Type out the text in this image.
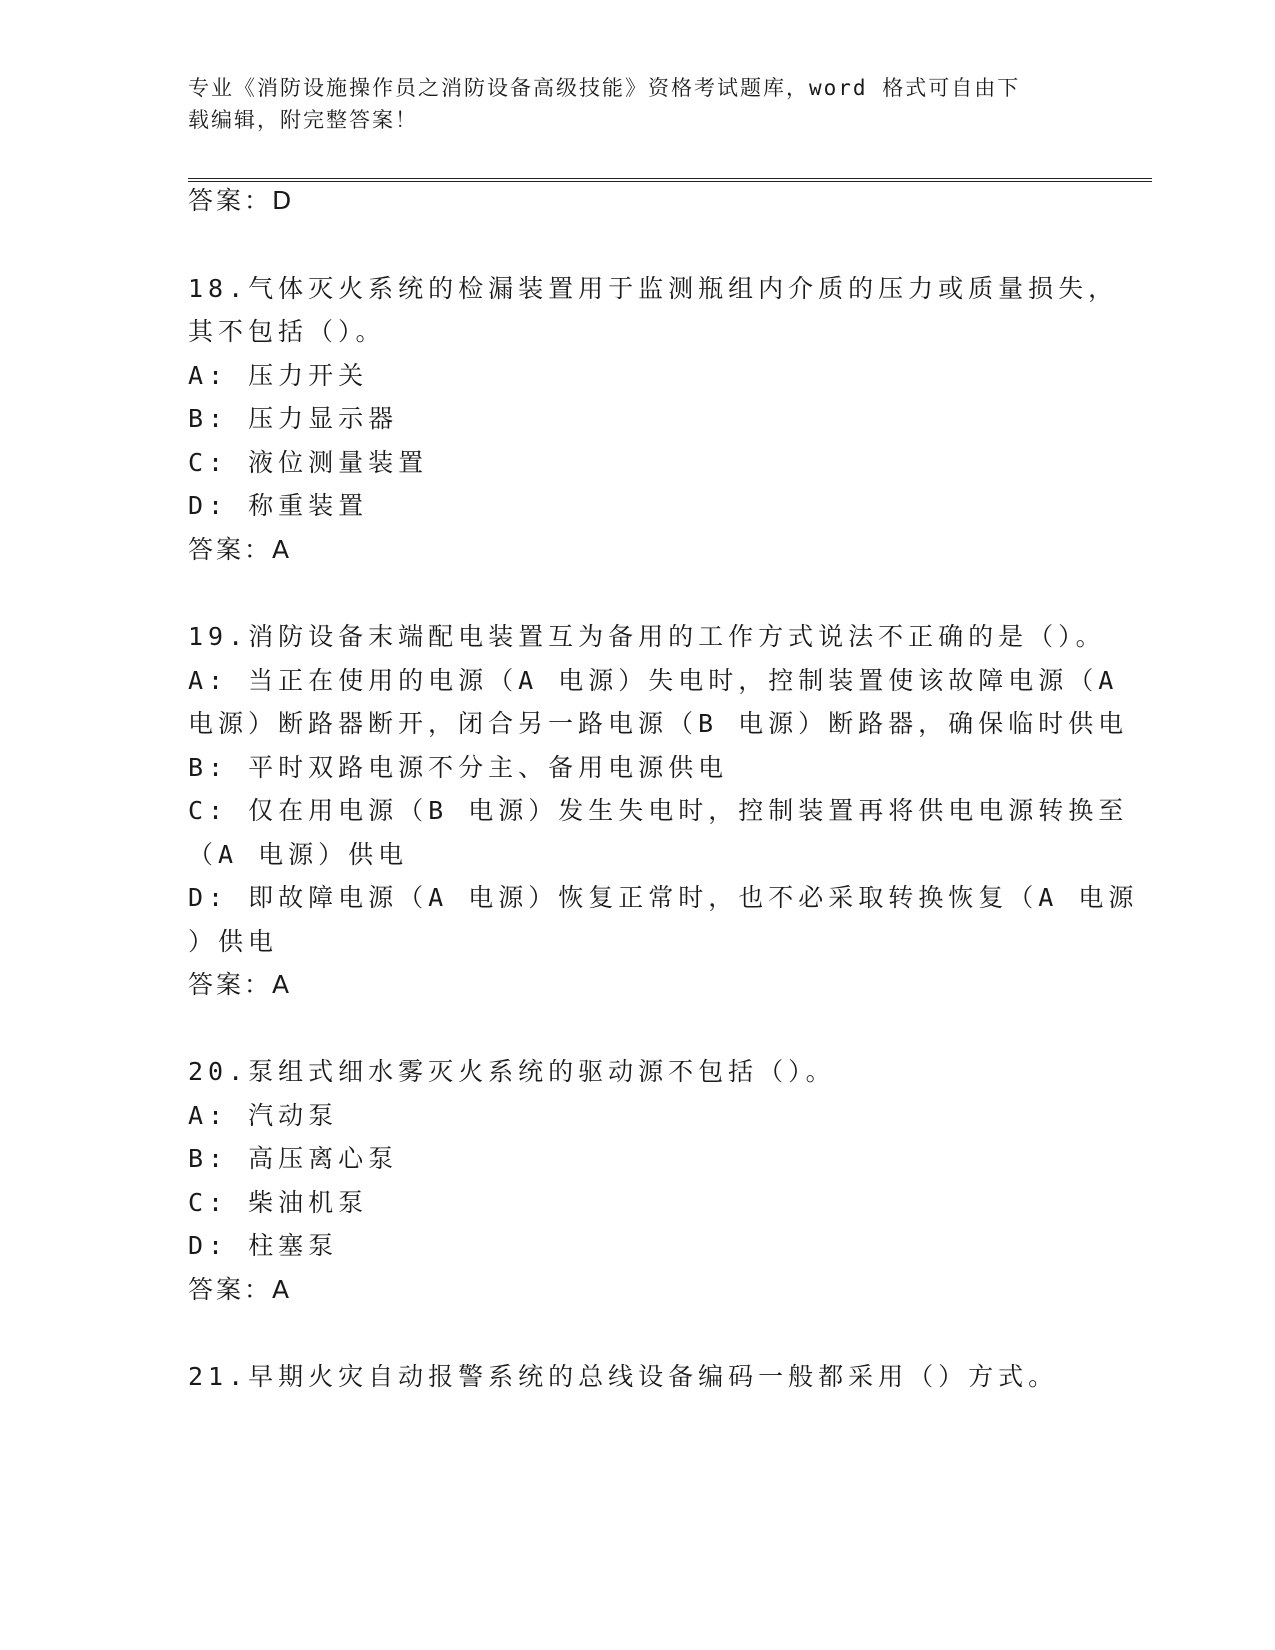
专业《消防设施操作员之消防设备高级技能》资格考试题库，word 格式可自由下
载编辑，附完整答案！
答案：D
18.气体灭火系统的检漏装置用于监测瓶组内介质的压力或质量损失，
其不包括（）。
A: 压力开关
B: 压力显示器
C: 液位测量装置
D: 称重装置
答案：A
19.消防设备末端配电装置互为备用的工作方式说法不正确的是（）。
A: 当正在使用的电源（A 电源）失电时，控制装置使该故障电源（A
电源）断路器断开，闭合另一路电源（B 电源）断路器，确保临时供电
B: 平时双路电源不分主、备用电源供电
C: 仅在用电源（B 电源）发生失电时，控制装置再将供电电源转换至
（A 电源）供电
D: 即故障电源（A 电源）恢复正常时，也不必采取转换恢复（A 电源
）供电
答案：A
20.泵组式细水雾灭火系统的驱动源不包括（）。
A: 汽动泵
B: 高压离心泵
C: 柴油机泵
D: 柱塞泵
答案：A
21.早期火灾自动报警系统的总线设备编码一般都采用（）方式。
